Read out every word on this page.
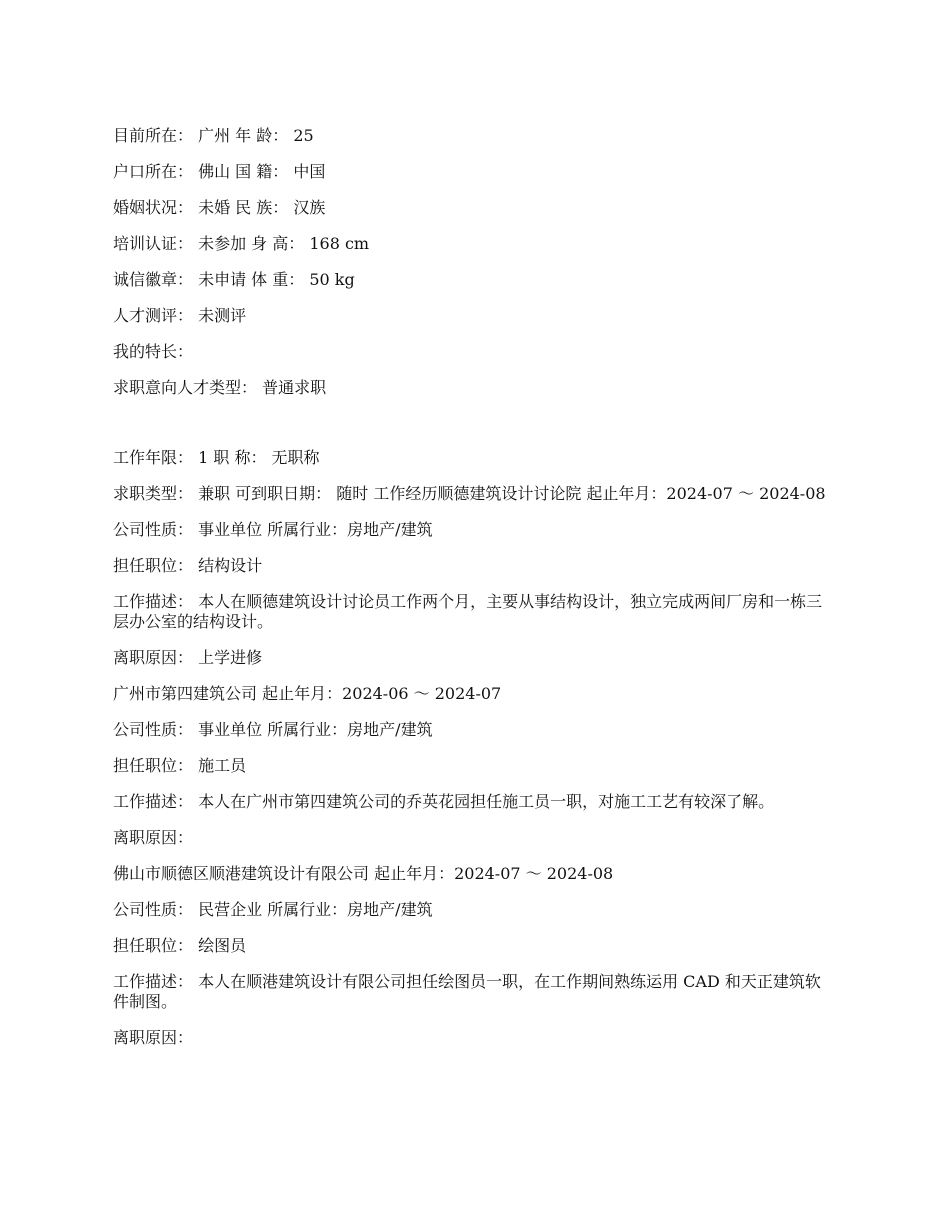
目前所在： 广州 年 龄： 25

户口所在： 佛山 国 籍： 中国

婚姻状况： 未婚 民 族： 汉族

培训认证： 未参加 身 高： 168 cm

诚信徽章： 未申请 体 重： 50 kg

人才测评： 未测评

我的特长：

求职意向人才类型： 普通求职

工作年限： 1 职 称： 无职称

求职类型： 兼职 可到职日期： 随时 工作经历顺德建筑设计讨论院 起止年月：2024-07 ～ 2024-08

公司性质： 事业单位 所属行业：房地产/建筑

担任职位： 结构设计

工作描述： 本人在顺德建筑设计讨论员工作两个月，主要从事结构设计，独立完成两间厂房和一栋三层办公室的结构设计。

离职原因： 上学进修

广州市第四建筑公司 起止年月：2024-06 ～ 2024-07

公司性质： 事业单位 所属行业：房地产/建筑

担任职位： 施工员

工作描述： 本人在广州市第四建筑公司的乔英花园担任施工员一职，对施工工艺有较深了解。

离职原因：

佛山市顺德区顺港建筑设计有限公司 起止年月：2024-07 ～ 2024-08

公司性质： 民营企业 所属行业：房地产/建筑

担任职位： 绘图员

工作描述： 本人在顺港建筑设计有限公司担任绘图员一职，在工作期间熟练运用 CAD 和天正建筑软件制图。

离职原因：
